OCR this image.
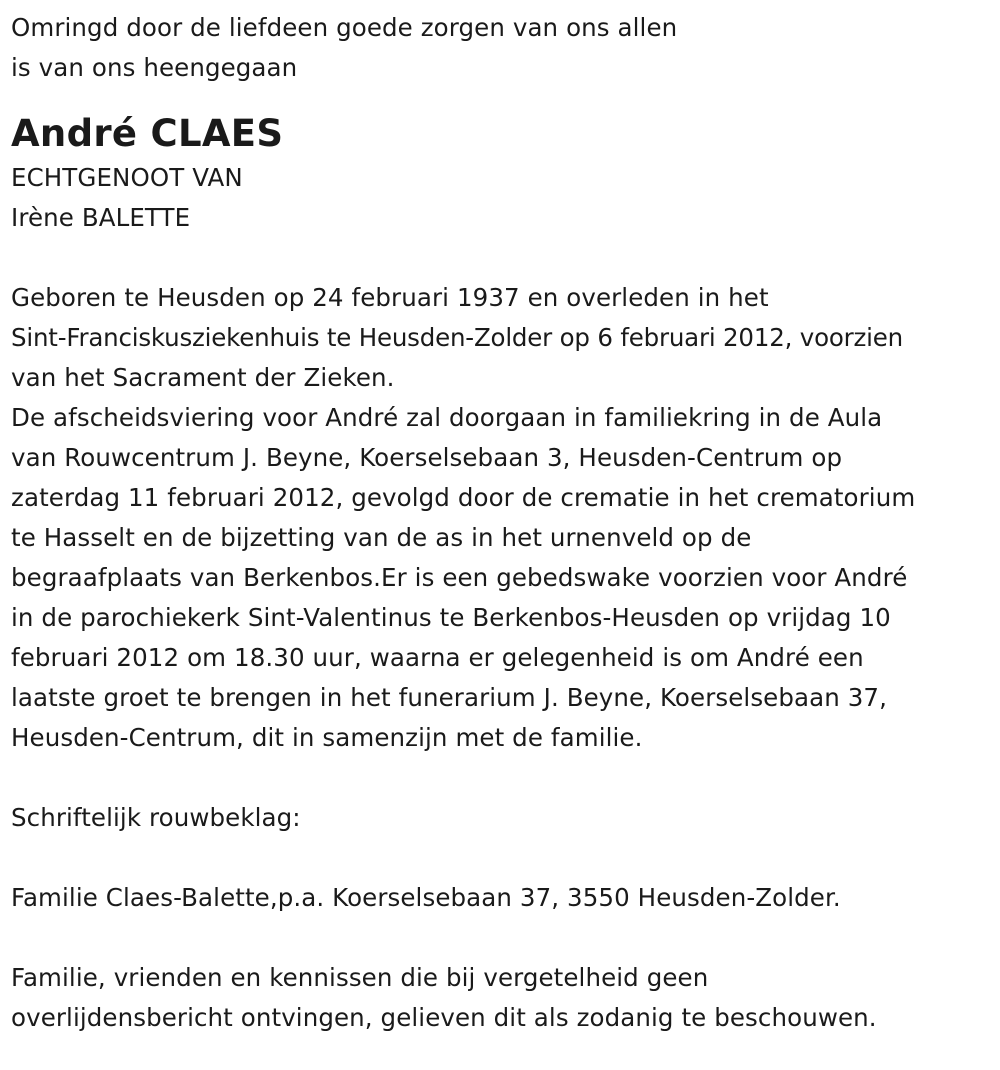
Omringd door de liefdeen goede zorgen van ons allen
is van ons heengegaan
André CLAES
ECHTGENOOT VAN
Irène BALETTE
Geboren te Heusden op 24 februari 1937 en overleden in het
Sint-Franciskusziekenhuis te Heusden-Zolder op 6 februari 2012, voorzien
van het Sacrament der Zieken.
De afscheidsviering voor André zal doorgaan in familiekring in de Aula
van Rouwcentrum J. Beyne, Koerselsebaan 3, Heusden-Centrum op
zaterdag 11 februari 2012, gevolgd door de crematie in het crematorium
te Hasselt en de bijzetting van de as in het urnenveld op de
begraafplaats van Berkenbos.Er is een gebedswake voorzien voor André
in de parochiekerk Sint-Valentinus te Berkenbos-Heusden op vrijdag 10
februari 2012 om 18.30 uur, waarna er gelegenheid is om André een
laatste groet te brengen in het funerarium J. Beyne, Koerselsebaan 37,
Heusden-Centrum, dit in samenzijn met de familie.
Schriftelijk rouwbeklag:
Familie Claes-Balette,p.a. Koerselsebaan 37, 3550 Heusden-Zolder.
Familie, vrienden en kennissen die bij vergetelheid geen
overlijdensbericht ontvingen, gelieven dit als zodanig te beschouwen.
